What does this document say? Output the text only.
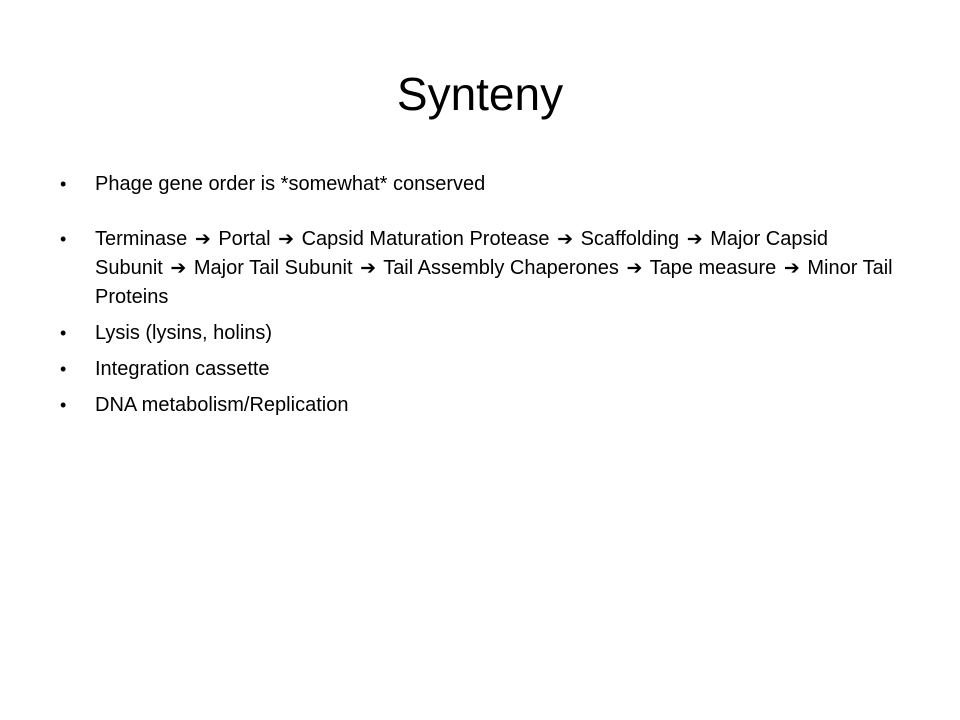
Synteny
• Phage gene order is *somewhat* conserved
• Terminase ➔ Portal ➔ Capsid Maturation Protease ➔ Scaffolding ➔ Major Capsid Subunit ➔ Major Tail Subunit ➔ Tail Assembly Chaperones ➔ Tape measure ➔ Minor Tail Proteins
• Lysis (lysins, holins)
• Integration cassette
• DNA metabolism/Replication
